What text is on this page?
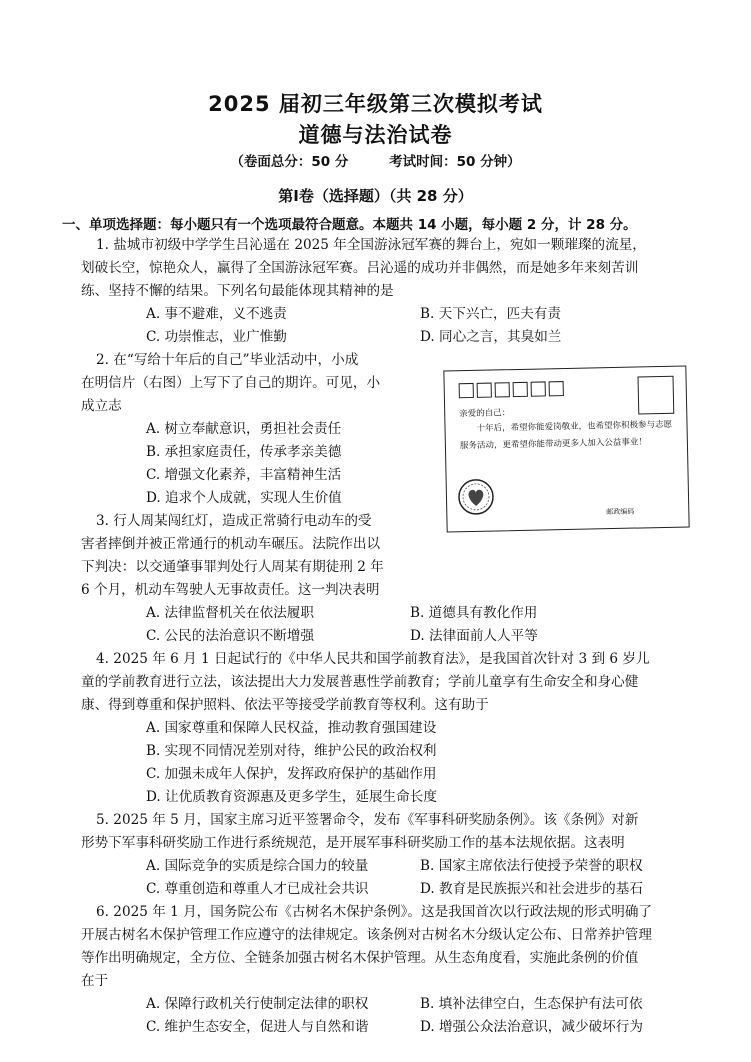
2025 届初三年级第三次模拟考试
道德与法治试卷
（卷面总分：50 分	考试时间：50 分钟）
第Ⅰ卷（选择题）（共 28 分）
一、单项选择题：每小题只有一个选项最符合题意。本题共 14 小题，每小题 2 分，计 28 分。
1. 盐城市初级中学学生吕沁遥在 2025 年全国游泳冠军赛的舞台上，宛如一颗璀璨的流星，
划破长空，惊艳众人，赢得了全国游泳冠军赛。吕沁遥的成功并非偶然，而是她多年来刻苦训
练、坚持不懈的结果。下列名句最能体现其精神的是
A. 事不避难，义不逃责	B. 天下兴亡，匹夫有责
C. 功崇惟志，业广惟勤	D. 同心之言，其臭如兰
2. 在“写给十年后的自己”毕业活动中，小成
在明信片（右图）上写下了自己的期许。可见，小
成立志
A. 树立奉献意识，勇担社会责任
B. 承担家庭责任，传承孝亲美德
C. 增强文化素养，丰富精神生活
D. 追求个人成就，实现人生价值
亲爱的自己：
十年后，希望你能爱岗敬业，也希望你积极参与志愿服务活动，更希望你能带动更多人加入公益事业！
邮政编码
3. 行人周某闯红灯，造成正常骑行电动车的受
害者摔倒并被正常通行的机动车碾压。法院作出以
下判决：以交通肇事罪判处行人周某有期徒刑 2 年
6 个月，机动车驾驶人无事故责任。这一判决表明
A. 法律监督机关在依法履职	B. 道德具有教化作用
C. 公民的法治意识不断增强	D. 法律面前人人平等
4. 2025 年 6 月 1 日起试行的《中华人民共和国学前教育法》，是我国首次针对 3 到 6 岁儿
童的学前教育进行立法，该法提出大力发展普惠性学前教育；学前儿童享有生命安全和身心健
康、得到尊重和保护照料、依法平等接受学前教育等权利。这有助于
A. 国家尊重和保障人民权益，推动教育强国建设
B. 实现不同情况差别对待，维护公民的政治权利
C. 加强未成年人保护，发挥政府保护的基础作用
D. 让优质教育资源惠及更多学生，延展生命长度
5. 2025 年 5 月，国家主席习近平签署命令，发布《军事科研奖励条例》。该《条例》对新
形势下军事科研奖励工作进行系统规范，是开展军事科研奖励工作的基本法规依据。这表明
A. 国际竞争的实质是综合国力的较量	B. 国家主席依法行使授予荣誉的职权
C. 尊重创造和尊重人才已成社会共识	D. 教育是民族振兴和社会进步的基石
6. 2025 年 1 月，国务院公布《古树名木保护条例》。这是我国首次以行政法规的形式明确了
开展古树名木保护管理工作应遵守的法律规定。该条例对古树名木分级认定公布、日常养护管理
等作出明确规定，全方位、全链条加强古树名木保护管理。从生态角度看，实施此条例的价值
在于
A. 保障行政机关行使制定法律的职权	B. 填补法律空白，生态保护有法可依
C. 维护生态安全，促进人与自然和谐	D. 增强公众法治意识，减少破坏行为
